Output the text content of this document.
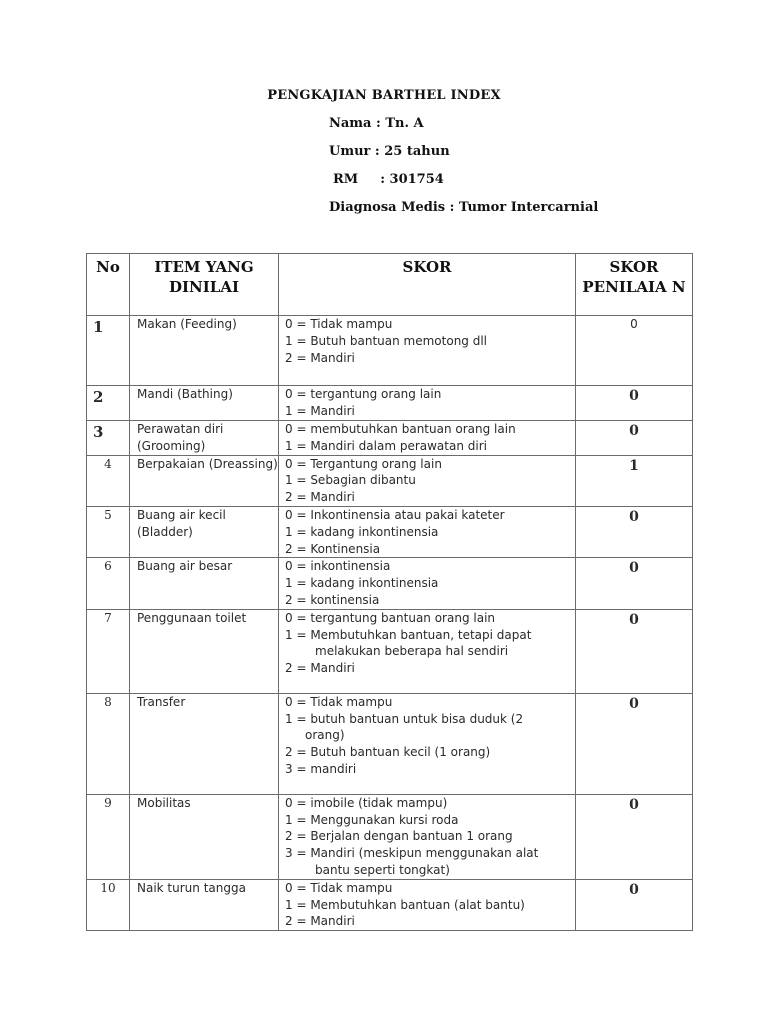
PENGKAJIAN BARTHEL INDEX
Nama : Tn. A
Umur : 25 tahun
RM : 301754
Diagnosa Medis : Tumor Intercarnial
No	ITEM YANG DINILAI	SKOR	SKOR PENILAIA N
1	Makan (Feeding)	0 = Tidak mampu
1 = Butuh bantuan memotong dll
2 = Mandiri	0
2	Mandi (Bathing)	0 = tergantung orang lain
1 = Mandiri	0
3	Perawatan diri (Grooming)	0 = membutuhkan bantuan orang lain
1 = Mandiri dalam perawatan diri	0
4	Berpakaian (Dreassing)	0 = Tergantung orang lain
1 = Sebagian dibantu
2 = Mandiri	1
5	Buang air kecil (Bladder)	0 = Inkontinensia atau pakai kateter
1 = kadang inkontinensia
2 = Kontinensia	0
6	Buang air besar	0 = inkontinensia
1 = kadang inkontinensia
2 = kontinensia	0
7	Penggunaan toilet	0 = tergantung bantuan orang lain
1 = Membutuhkan bantuan, tetapi dapat
melakukan beberapa hal sendiri
2 = Mandiri	0
8	Transfer	0 = Tidak mampu
1 = butuh bantuan untuk bisa duduk (2
orang)
2 = Butuh bantuan kecil (1 orang)
3 = mandiri	0
9	Mobilitas	0 = imobile (tidak mampu)
1 = Menggunakan kursi roda
2 = Berjalan dengan bantuan 1 orang
3 = Mandiri (meskipun menggunakan alat
bantu seperti tongkat)	0
10	Naik turun tangga	0 = Tidak mampu
1 = Membutuhkan bantuan (alat bantu)
2 = Mandiri	0
